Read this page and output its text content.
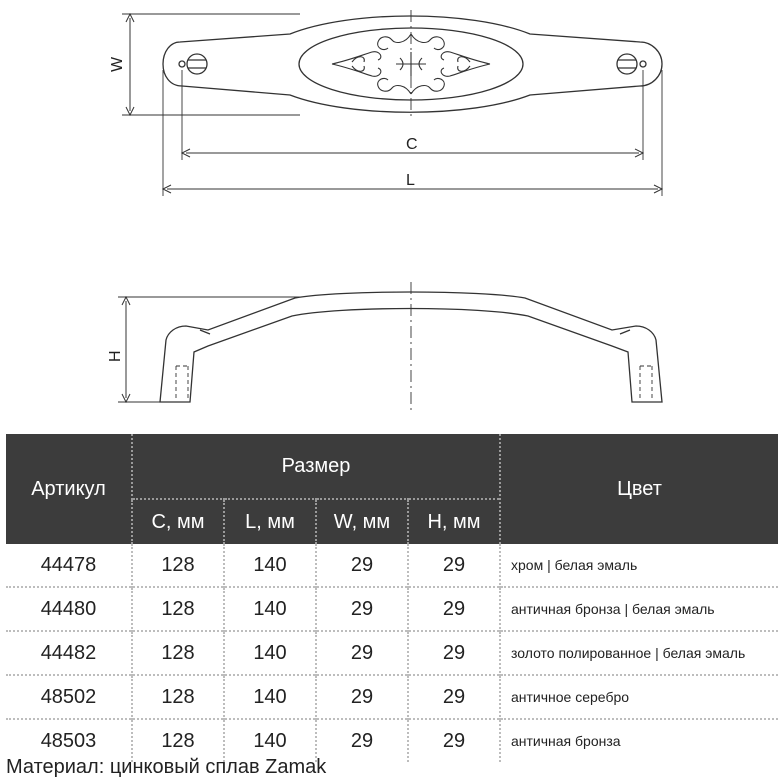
W
C
L
H
Артикул	Размер				Цвет
	C, мм	L, мм	W, мм	H, мм	
44478	128	140	29	29	хром | белая эмаль
44480	128	140	29	29	античная бронза | белая эмаль
44482	128	140	29	29	золото полированное | белая эмаль
48502	128	140	29	29	античное серебро
48503	128	140	29	29	античная бронза
Материал: цинковый сплав Zamak
